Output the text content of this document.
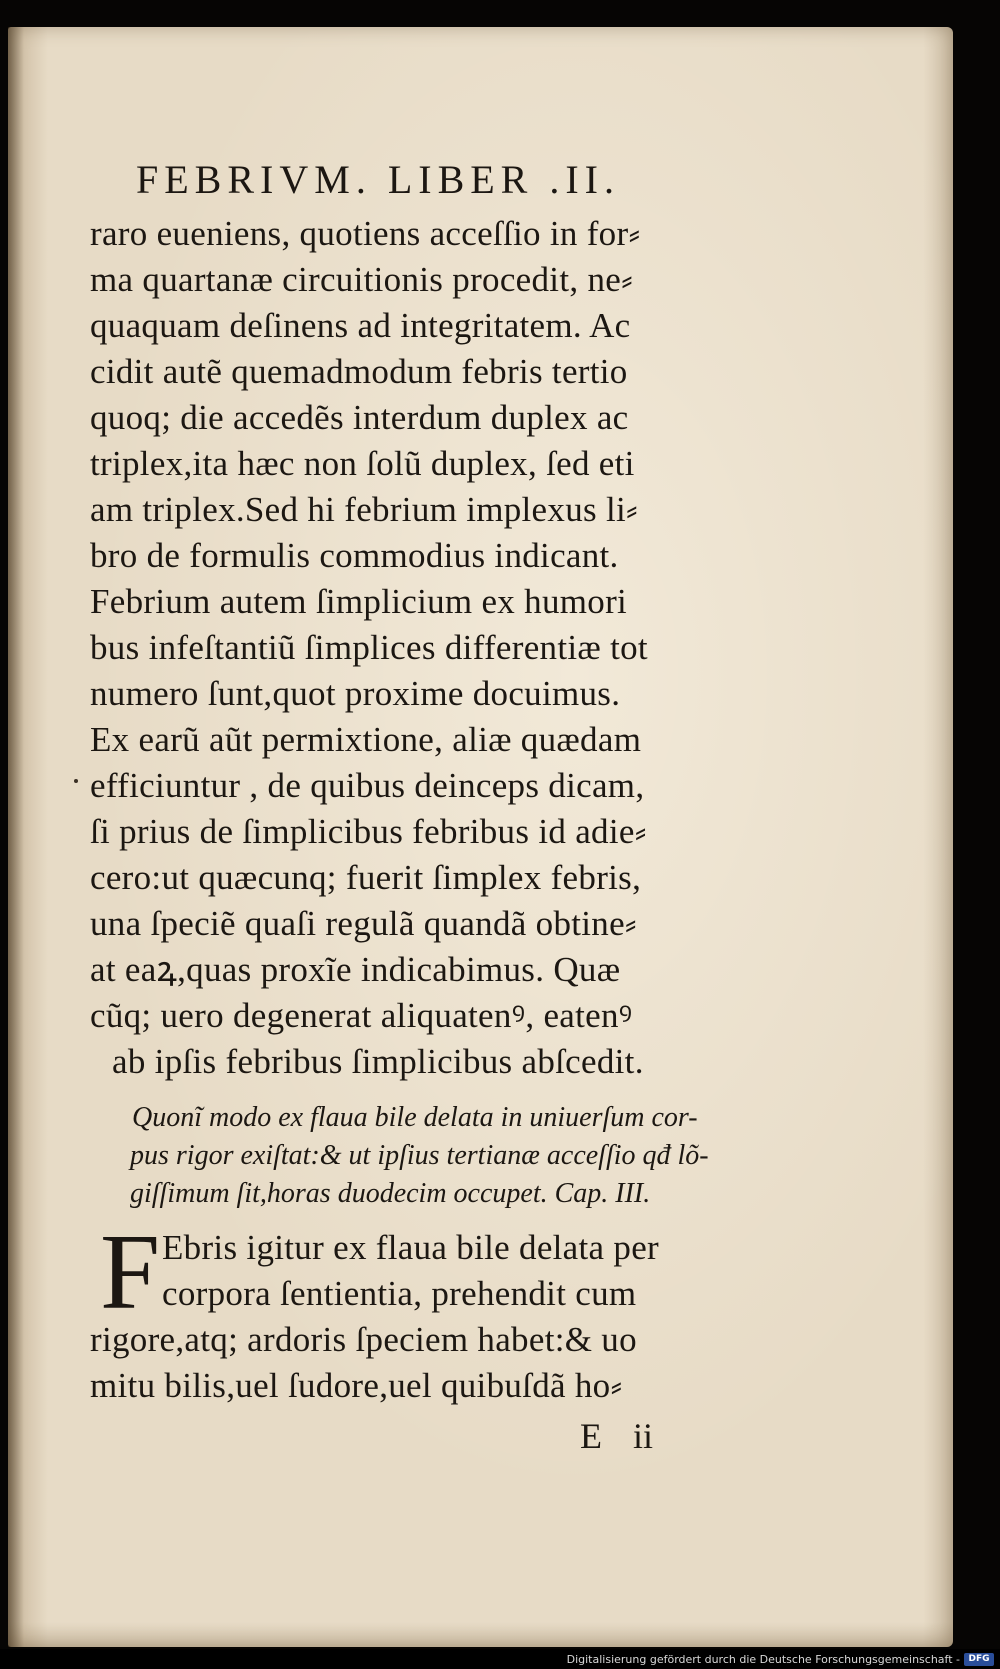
FEBRIVM. LIBER .II.
raro eueniens, quotiens acceſſio in for⸗
ma quartanæ circuitionis procedit, ne⸗
quaquam deſinens ad integritatem. Ac
cidit autẽ quemadmodum febris tertio
quoq; die accedẽs interdum duplex ac
triplex,ita hæc non ſolũ duplex, ſed eti
am triplex.Sed hi febrium implexus li⸗
bro de formulis commodius indicant.
Febrium autem ſimplicium ex humori
bus infeſtantiũ ſimplices differentiæ tot
numero ſunt,quot proxime docuimus.
Ex earũ aũt permixtione, aliæ quædam
efficiuntur , de quibus deinceps dicam,
ſi prius de ſimplicibus febribus id adie⸗
cero:ut quæcunq; fuerit ſimplex febris,
una ſpeciẽ quaſi regulã quandã obtine⸗
at eaꝝ,quas proxĩe indicabimus. Quæ
cũq; uero degenerat aliquatenꝰ, eatenꝰ
ab ipſis febribus ſimplicibus abſcedit.
Quonĩ modo ex flaua bile delata in uniuerſum cor-
pus rigor exiſtat:& ut ipſius tertianæ acceſſio qđ lõ-
giſſimum ſit,horas duodecim occupet. Cap. III.
F Ebris igitur ex flaua bile delata per
corpora ſentientia, prehendit cum
rigore,atq; ardoris ſpeciem habet:& uo
mitu bilis,uel ſudore,uel quibuſdã ho⸗
E ii
Digitalisierung gefördert durch die Deutsche Forschungsgemeinschaft - DFG
